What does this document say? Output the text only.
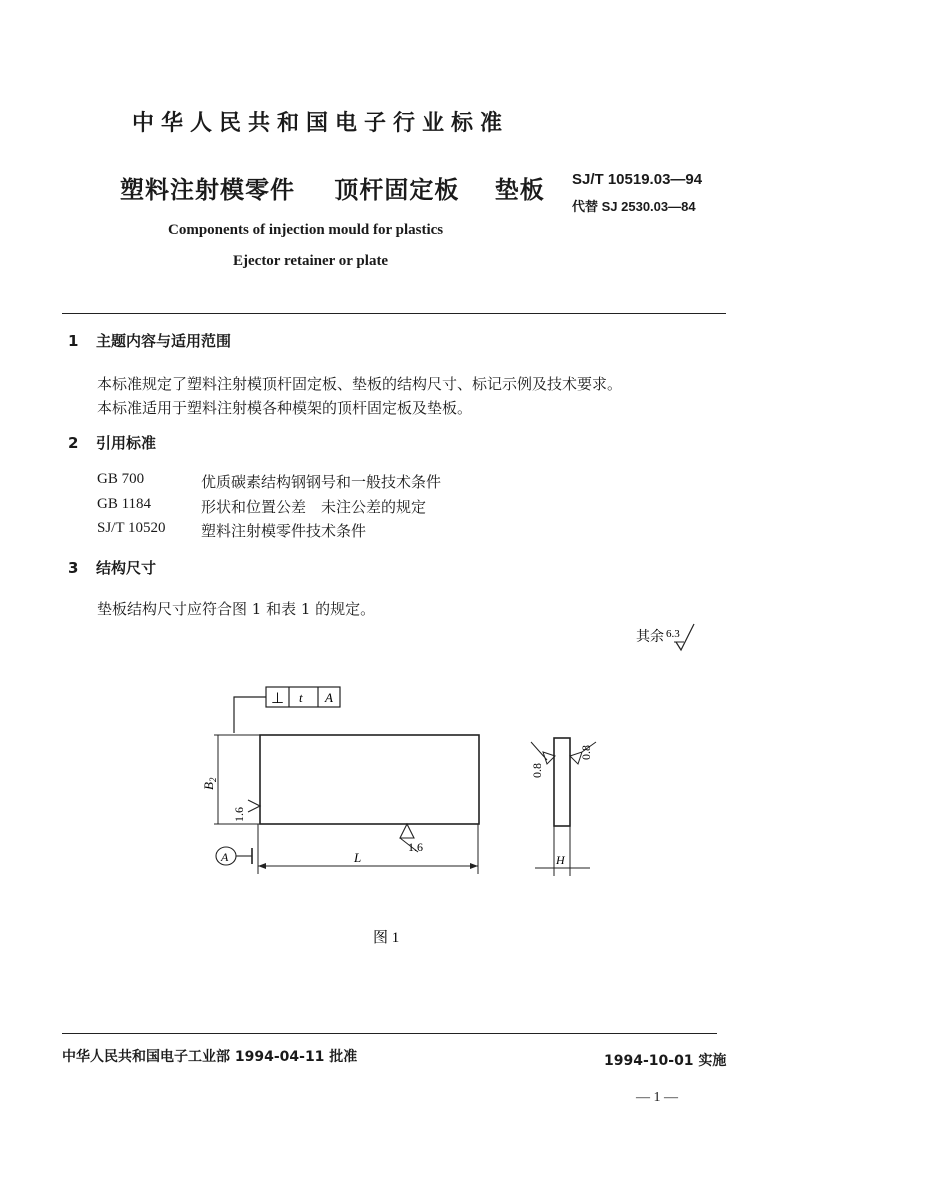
中华人民共和国电子行业标准
塑料注射模零件 顶杆固定板 垫板 SJ/T 10519.03—94
代替 SJ 2530.03—84
Components of injection mould for plastics
Ejector retainer or plate
1 主题内容与适用范围
本标准规定了塑料注射模顶杆固定板、垫板的结构尺寸、标记示例及技术要求。
本标准适用于塑料注射模各种模架的顶杆固定板及垫板。
2 引用标准
GB 700	优质碳素结构钢钢号和一般技术条件
GB 1184	形状和位置公差　未注公差的规定
SJ/T 10520 塑料注射模零件技术条件
3 结构尺寸
垫板结构尺寸应符合图 1 和表 1 的规定。
其余 6.3
⊥ t A
$B_2$
1.6
1.6
A	L
0.8
0.8
H
图 1
中华人民共和国电子工业部 1994-04-11 批准	1994-10-01 实施
— 1 —
